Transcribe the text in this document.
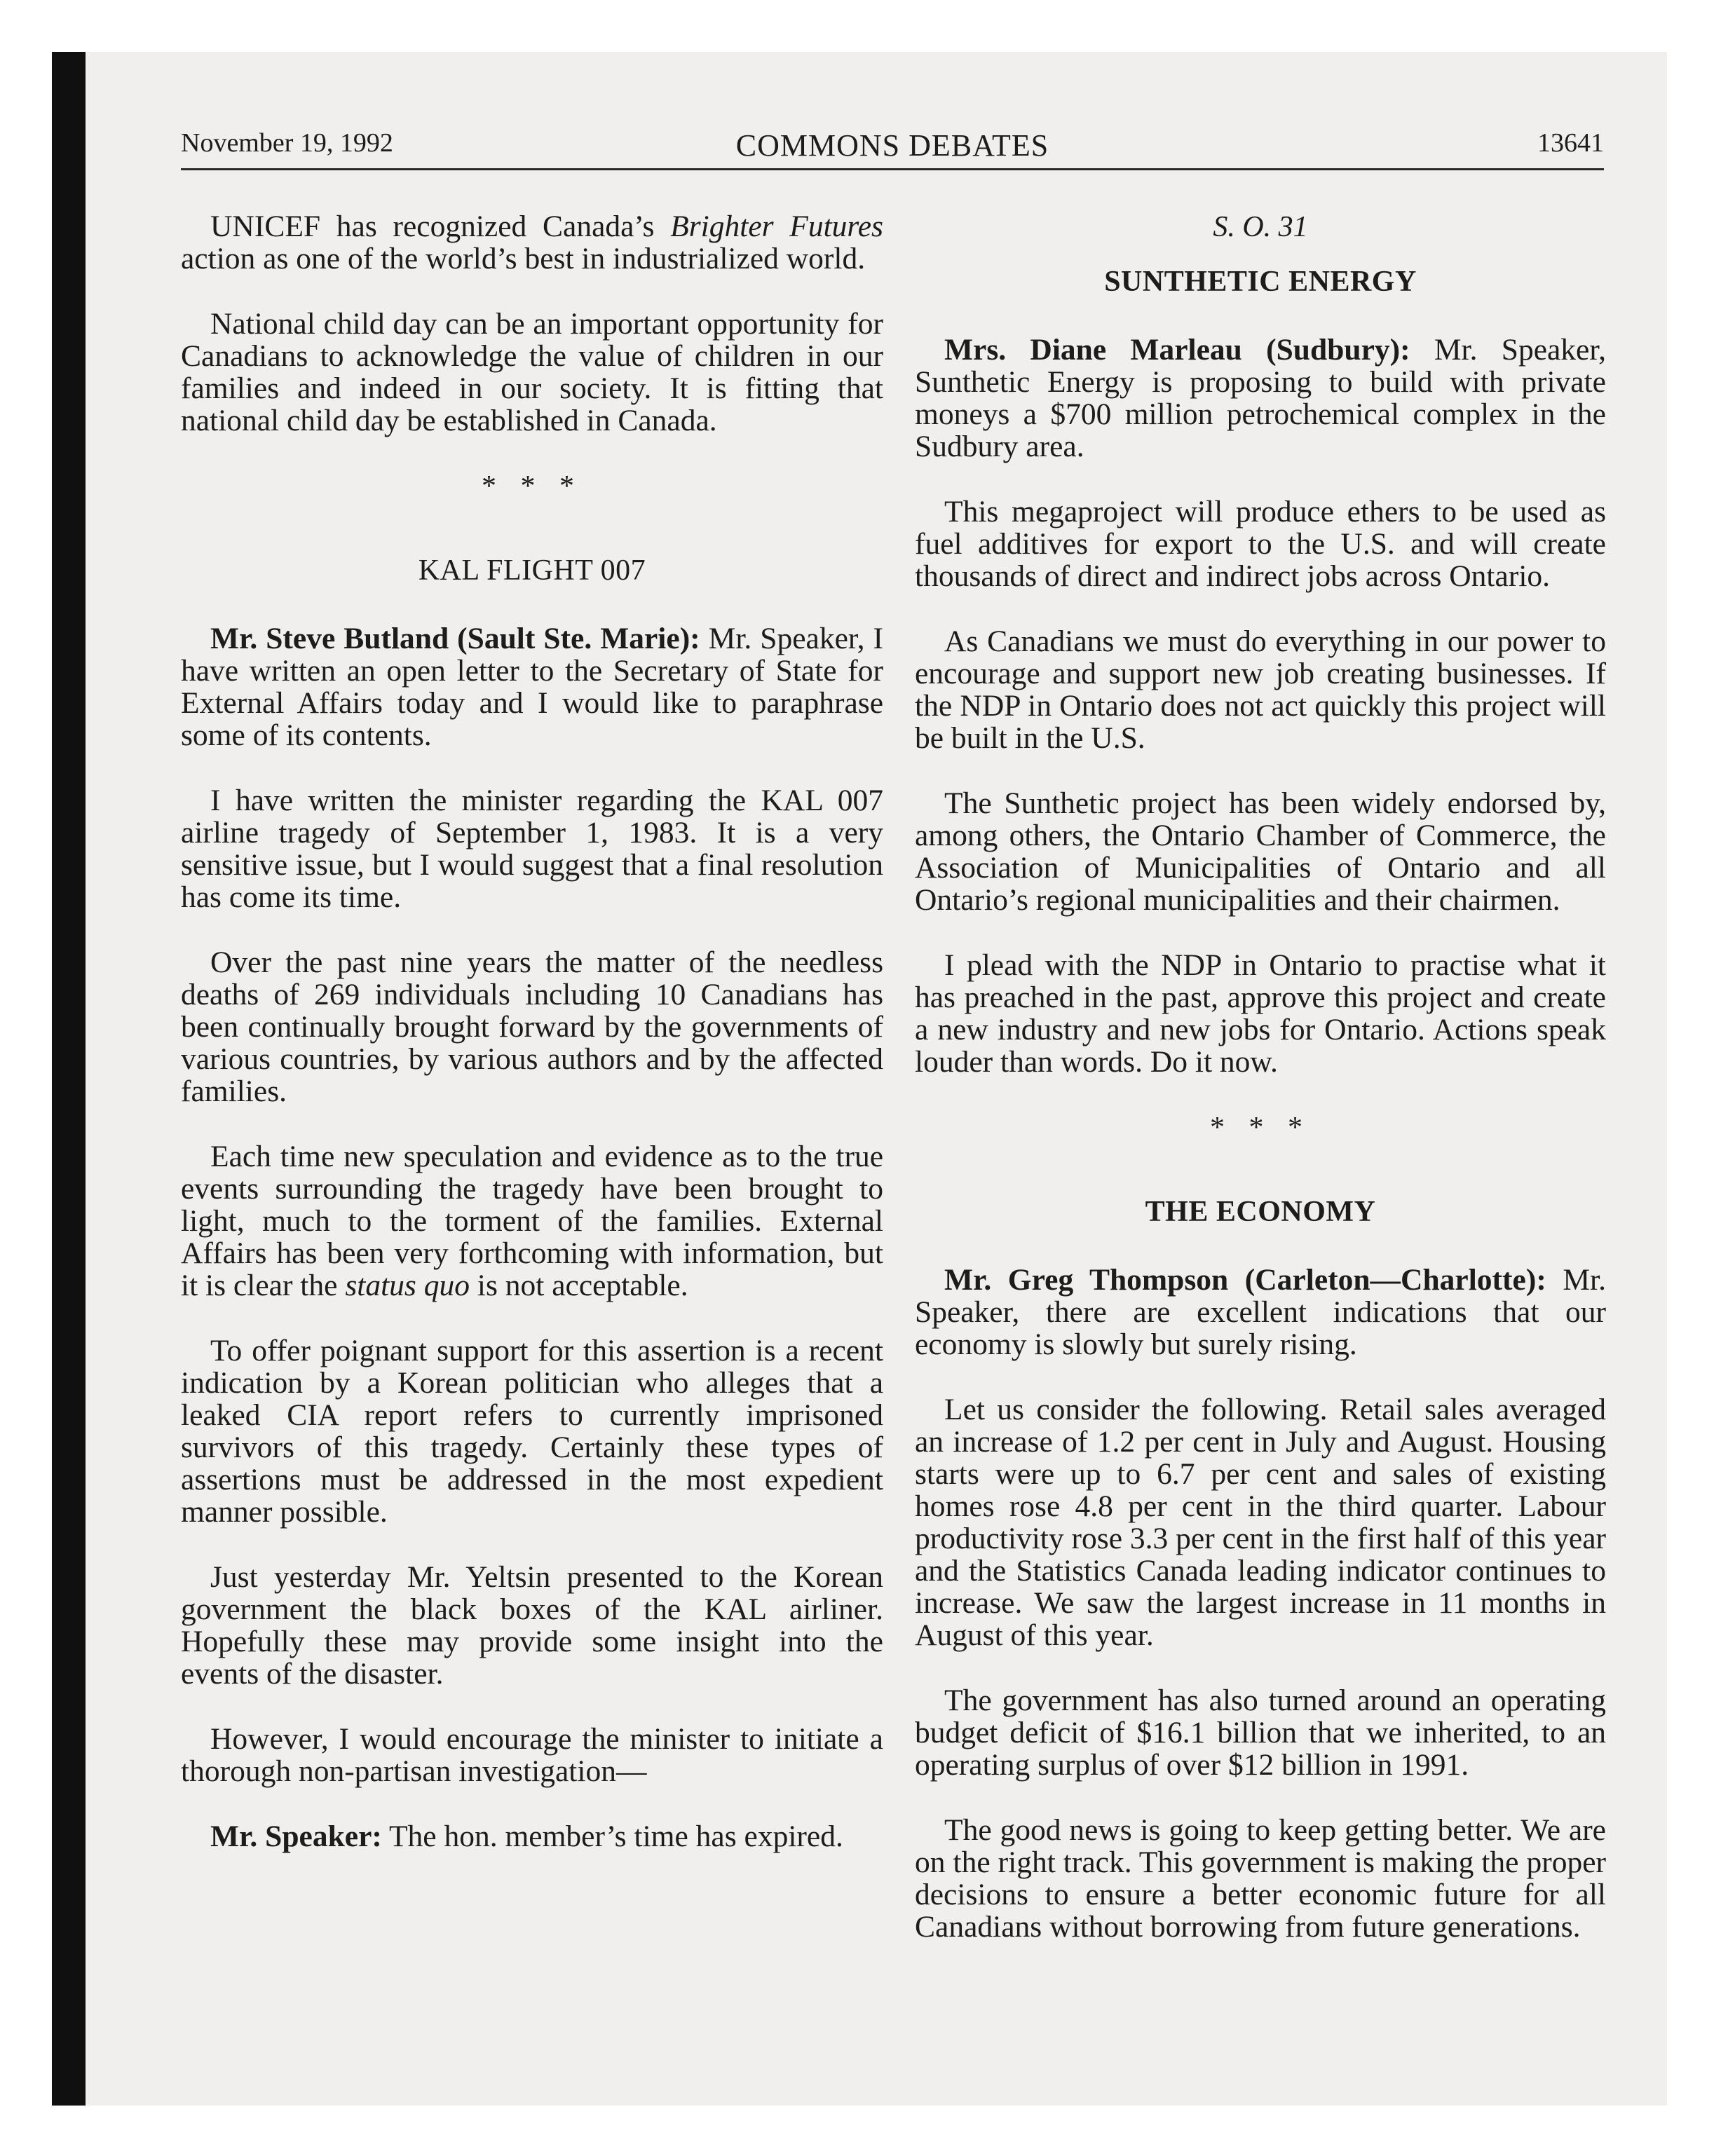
November 19, 1992	COMMONS DEBATES	13641

UNICEF has recognized Canada’s Brighter Futures action as one of the world’s best in industrialized world.

National child day can be an important opportunity for Canadians to acknowledge the value of children in our families and indeed in our society. It is fitting that national child day be established in Canada.

* * *
KAL FLIGHT 007

Mr. Steve Butland (Sault Ste. Marie): Mr. Speaker, I have written an open letter to the Secretary of State for External Affairs today and I would like to paraphrase some of its contents.

I have written the minister regarding the KAL 007 airline tragedy of September 1, 1983. It is a very sensitive issue, but I would suggest that a final resolution has come its time.

Over the past nine years the matter of the needless deaths of 269 individuals including 10 Canadians has been continually brought forward by the governments of various countries, by various authors and by the affected families.

Each time new speculation and evidence as to the true events surrounding the tragedy have been brought to light, much to the torment of the families. External Affairs has been very forthcoming with information, but it is clear the status quo is not acceptable.

To offer poignant support for this assertion is a recent indication by a Korean politician who alleges that a leaked CIA report refers to currently imprisoned survivors of this tragedy. Certainly these types of assertions must be addressed in the most expedient manner possible.

Just yesterday Mr. Yeltsin presented to the Korean government the black boxes of the KAL airliner. Hopefully these may provide some insight into the events of the disaster.

However, I would encourage the minister to initiate a thorough non-partisan investigation—

Mr. Speaker: The hon. member’s time has expired.

S. O. 31
SUNTHETIC ENERGY

Mrs. Diane Marleau (Sudbury): Mr. Speaker, Sunthetic Energy is proposing to build with private moneys a $700 million petrochemical complex in the Sudbury area.

This megaproject will produce ethers to be used as fuel additives for export to the U.S. and will create thousands of direct and indirect jobs across Ontario.

As Canadians we must do everything in our power to encourage and support new job creating businesses. If the NDP in Ontario does not act quickly this project will be built in the U.S.

The Sunthetic project has been widely endorsed by, among others, the Ontario Chamber of Commerce, the Association of Municipalities of Ontario and all Ontario’s regional municipalities and their chairmen.

I plead with the NDP in Ontario to practise what it has preached in the past, approve this project and create a new industry and new jobs for Ontario. Actions speak louder than words. Do it now.

* * *
THE ECONOMY

Mr. Greg Thompson (Carleton—Charlotte): Mr. Speaker, there are excellent indications that our economy is slowly but surely rising.

Let us consider the following. Retail sales averaged an increase of 1.2 per cent in July and August. Housing starts were up to 6.7 per cent and sales of existing homes rose 4.8 per cent in the third quarter. Labour productivity rose 3.3 per cent in the first half of this year and the Statistics Canada leading indicator continues to increase. We saw the largest increase in 11 months in August of this year.

The government has also turned around an operating budget deficit of $16.1 billion that we inherited, to an operating surplus of over $12 billion in 1991.

The good news is going to keep getting better. We are on the right track. This government is making the proper decisions to ensure a better economic future for all Canadians without borrowing from future generations.
